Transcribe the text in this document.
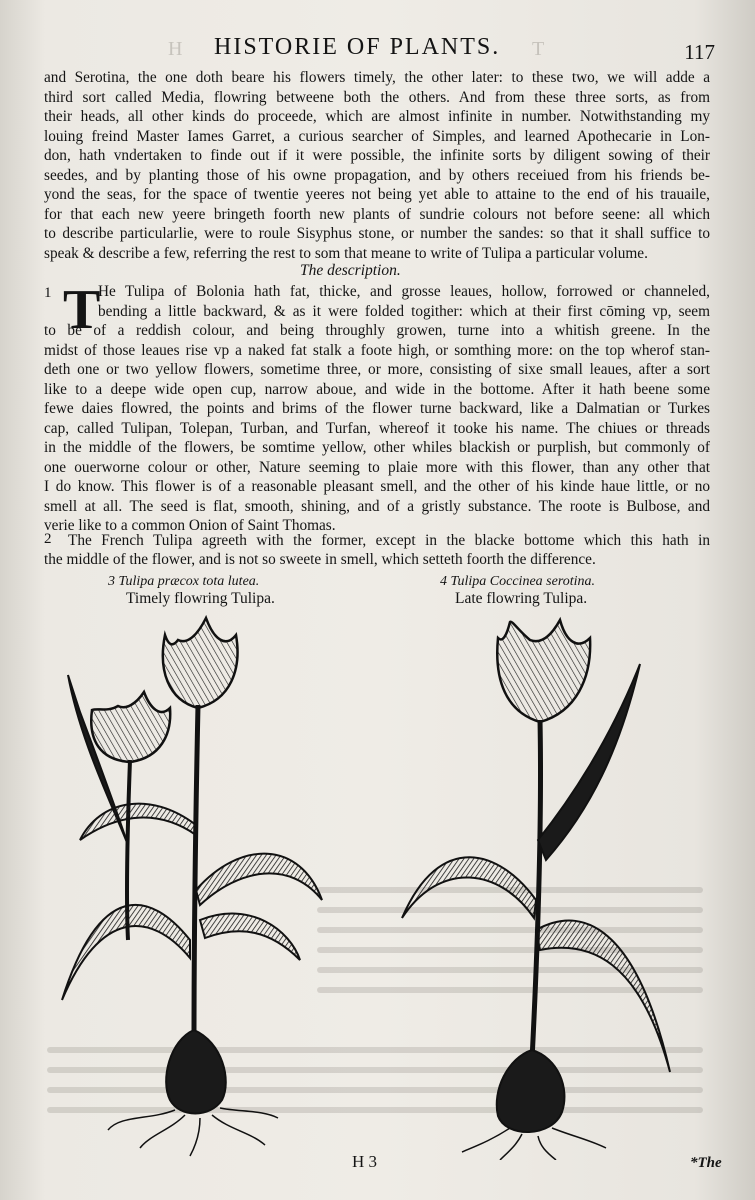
H HISTORIE OF PLANTS. T	117
and Serotina, the one doth beare his flowers timely, the other later: to these two, we will adde a
third sort called Media, flowring betweene both the others. And from these three sorts, as from
their heads, all other kinds do proceede, which are almost infinite in number. Notwithstanding my
louing freind Master Iames Garret, a curious searcher of Simples, and learned Apothecarie in Lon-
don, hath vndertaken to finde out if it were possible, the infinite sorts by diligent sowing of their
seedes, and by planting those of his owne propagation, and by others receiued from his friends be-
yond the seas, for the space of twentie yeeres not being yet able to attaine to the end of his trauaile,
for that each new yeere bringeth foorth new plants of sundrie colours not before seene: all which
to describe particularlie, were to roule Sisyphus stone, or number the sandes: so that it shall suffice to
speak & describe a few, referring the rest to som that meane to write of Tulipa a particular volume.
The description.
1 T
He Tulipa of Bolonia hath fat, thicke, and grosse leaues, hollow, forrowed or channeled,
bending a little backward, & as it were folded togither: which at their first cōming vp, seem
to be of a reddish colour, and being throughly growen, turne into a whitish greene. In the
midst of those leaues rise vp a naked fat stalk a foote high, or somthing more: on the top wherof stan-
deth one or two yellow flowers, sometime three, or more, consisting of sixe small leaues, after a sort
like to a deepe wide open cup, narrow aboue, and wide in the bottome. After it hath beene some
fewe daies flowred, the points and brims of the flower turne backward, like a Dalmatian or Turkes
cap, called Tulipan, Tolepan, Turban, and Turfan, whereof it tooke his name. The chiues or threads
in the middle of the flowers, be somtime yellow, other whiles blackish or purplish, but commonly of
one ouerworne colour or other, Nature seeming to plaie more with this flower, than any other that
I do know. This flower is of a reasonable pleasant smell, and the other of his kinde haue little, or no
smell at all. The seed is flat, smooth, shining, and of a gristly substance. The roote is Bulbose, and
verie like to a common Onion of Saint Thomas.
2 The French Tulipa agreeth with the former, except in the blacke bottome which this hath in
the middle of the flower, and is not so sweete in smell, which setteth foorth the difference.
3 Tulipa præcox tota lutea.
Timely flowring Tulipa.
4 Tulipa Coccinea serotina.
Late flowring Tulipa.
H 3	*The
